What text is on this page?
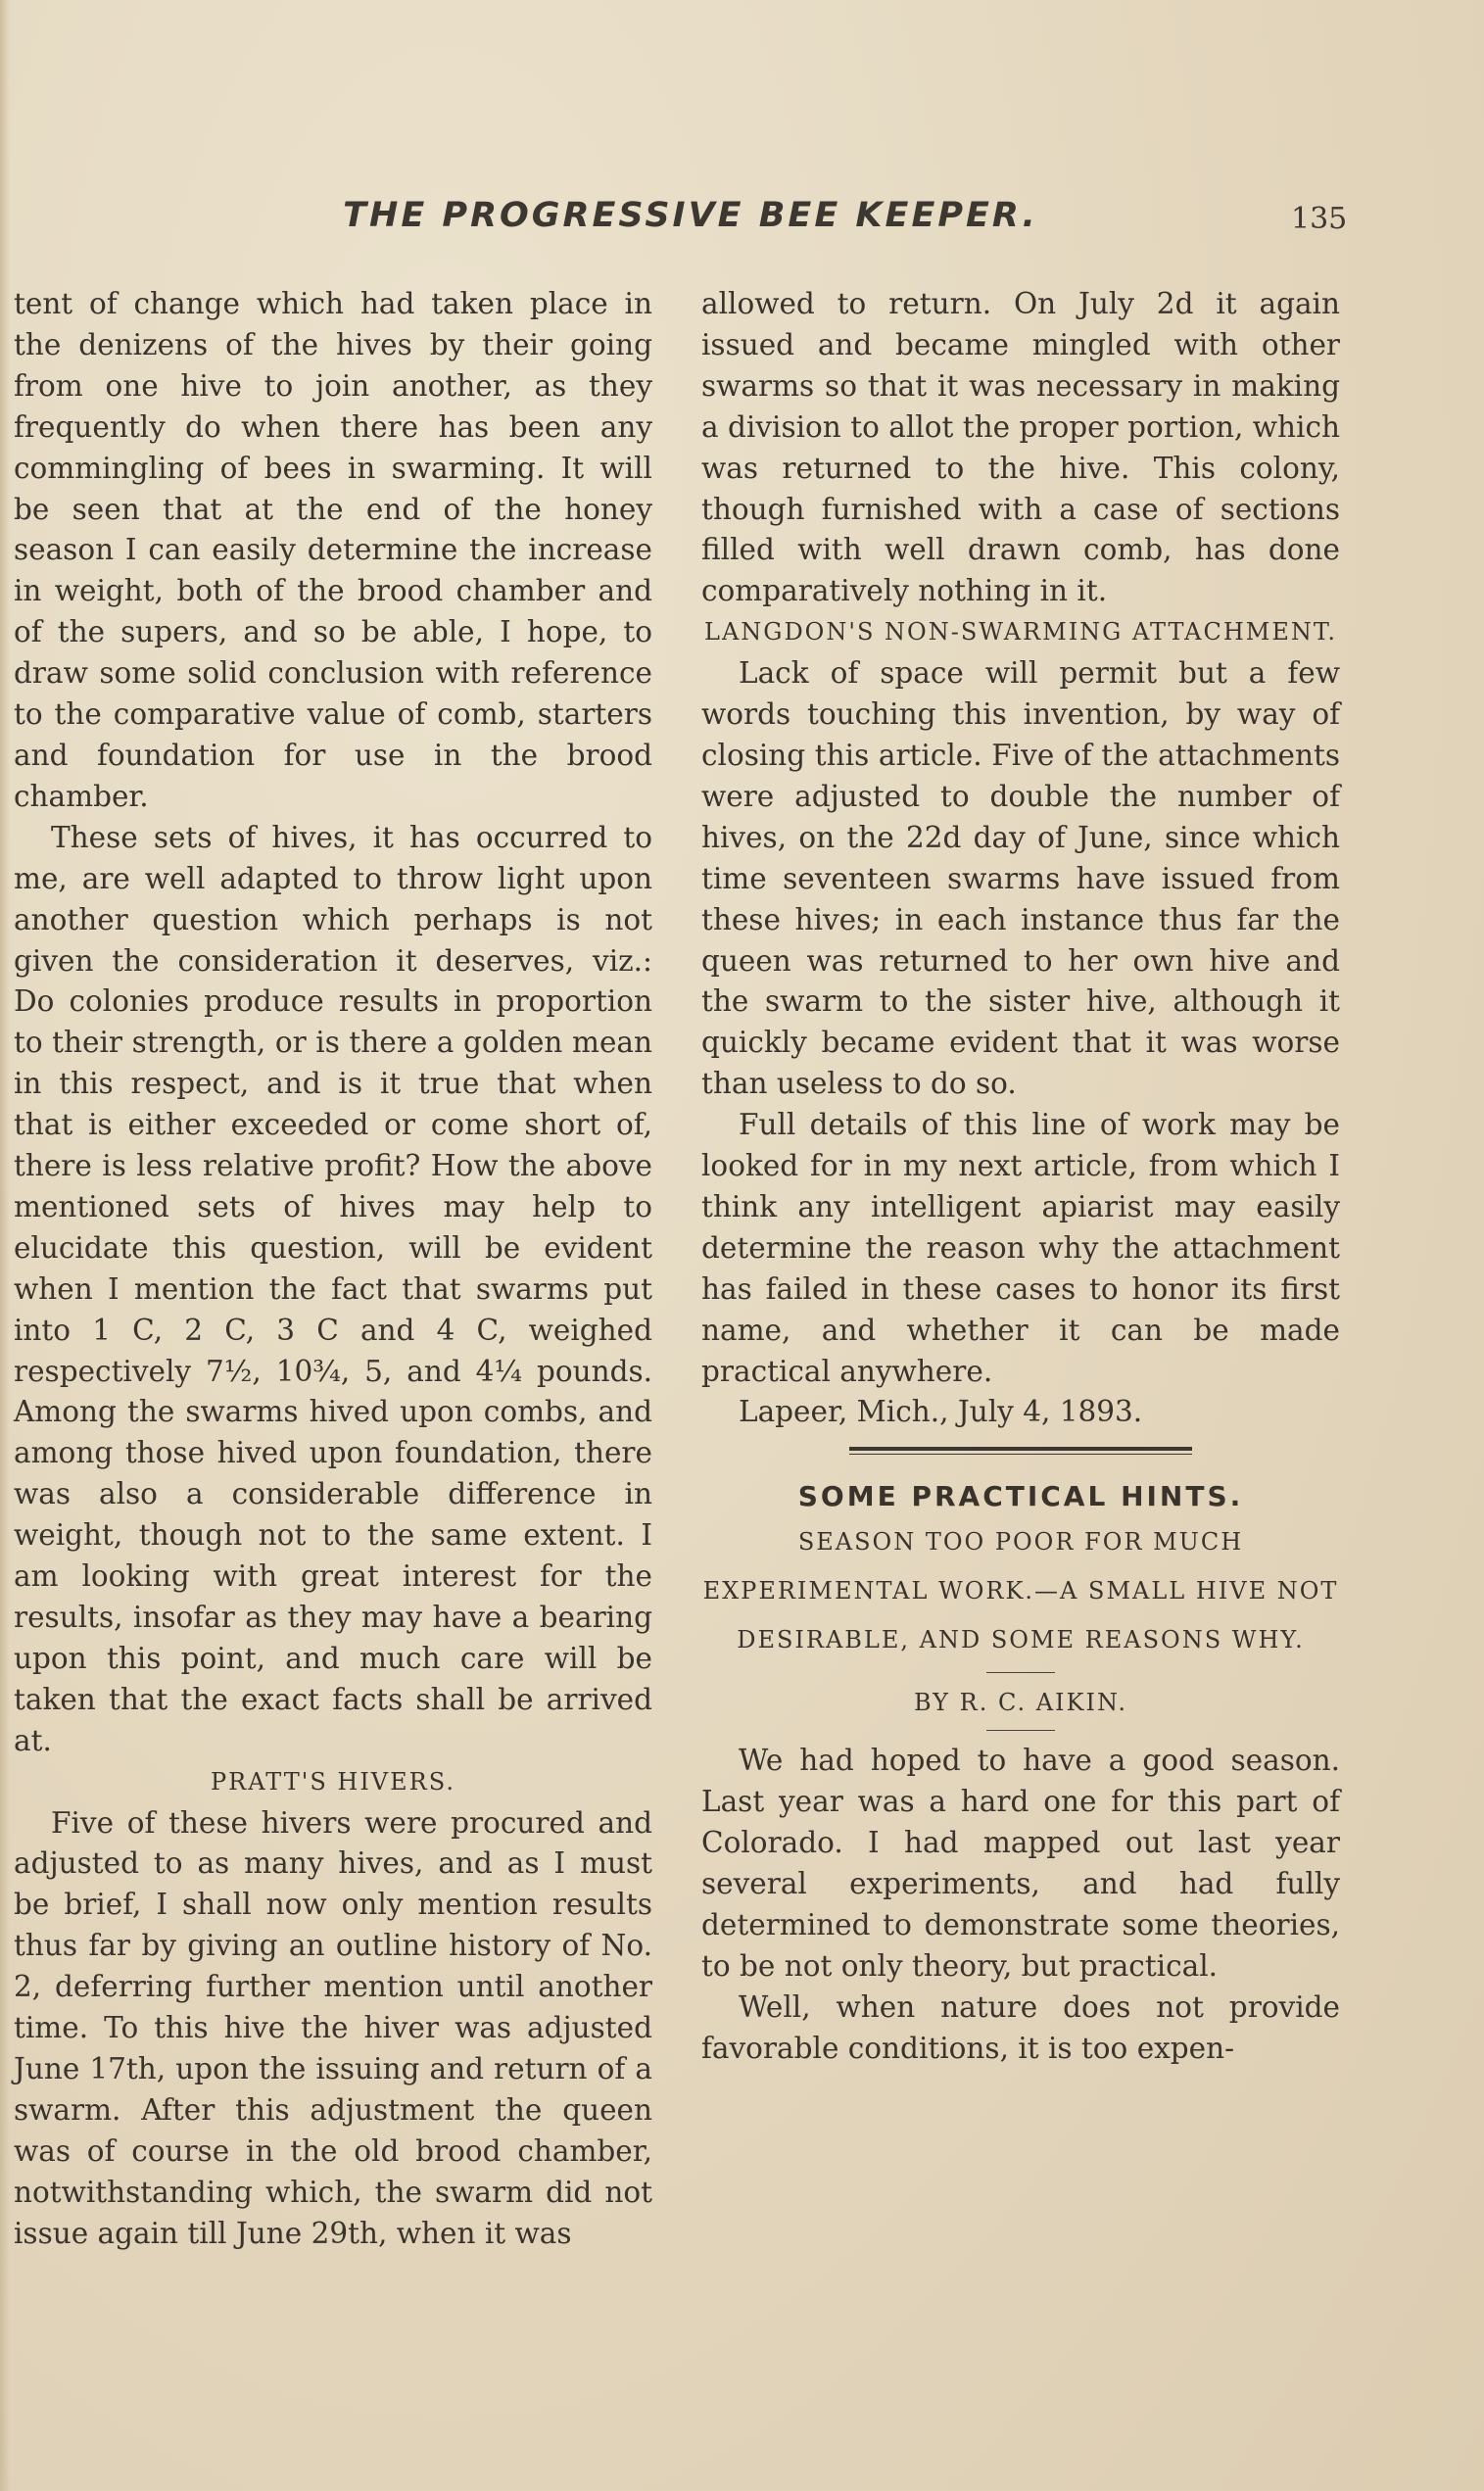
THE PROGRESSIVE BEE KEEPER.	135

tent of change which had taken place in the denizens of the hives by their going from one hive to join another, as they frequently do when there has been any commingling of bees in swarming. It will be seen that at the end of the honey season I can easily determine the increase in weight, both of the brood chamber and of the supers, and so be able, I hope, to draw some solid conclusion with reference to the comparative value of comb, starters and foundation for use in the brood chamber.

These sets of hives, it has occurred to me, are well adapted to throw light upon another question which perhaps is not given the consideration it deserves, viz.: Do colonies produce results in proportion to their strength, or is there a golden mean in this respect, and is it true that when that is either exceeded or come short of, there is less relative profit? How the above mentioned sets of hives may help to elucidate this question, will be evident when I mention the fact that swarms put into 1 C, 2 C, 3 C and 4 C, weighed respectively 7½, 10¾, 5, and 4¼ pounds. Among the swarms hived upon combs, and among those hived upon foundation, there was also a considerable difference in weight, though not to the same extent. I am looking with great interest for the results, insofar as they may have a bearing upon this point, and much care will be taken that the exact facts shall be arrived at.

PRATT'S HIVERS.

Five of these hivers were procured and adjusted to as many hives, and as I must be brief, I shall now only mention results thus far by giving an outline history of No. 2, deferring further mention until another time. To this hive the hiver was adjusted June 17th, upon the issuing and return of a swarm. After this adjustment the queen was of course in the old brood chamber, notwithstanding which, the swarm did not issue again till June 29th, when it was

allowed to return. On July 2d it again issued and became mingled with other swarms so that it was necessary in making a division to allot the proper portion, which was returned to the hive. This colony, though furnished with a case of sections filled with well drawn comb, has done comparatively nothing in it.

LANGDON'S NON-SWARMING ATTACHMENT.

Lack of space will permit but a few words touching this invention, by way of closing this article. Five of the attachments were adjusted to double the number of hives, on the 22d day of June, since which time seventeen swarms have issued from these hives; in each instance thus far the queen was returned to her own hive and the swarm to the sister hive, although it quickly became evident that it was worse than useless to do so.

Full details of this line of work may be looked for in my next article, from which I think any intelligent apiarist may easily determine the reason why the attachment has failed in these cases to honor its first name, and whether it can be made practical anywhere.

Lapeer, Mich., July 4, 1893.

SOME PRACTICAL HINTS.

SEASON TOO POOR FOR MUCH EXPERIMENTAL WORK.—A SMALL HIVE NOT DESIRABLE, AND SOME REASONS WHY.

BY R. C. AIKIN.

We had hoped to have a good season. Last year was a hard one for this part of Colorado. I had mapped out last year several experiments, and had fully determined to demonstrate some theories, to be not only theory, but practical.

Well, when nature does not provide favorable conditions, it is too expen-
